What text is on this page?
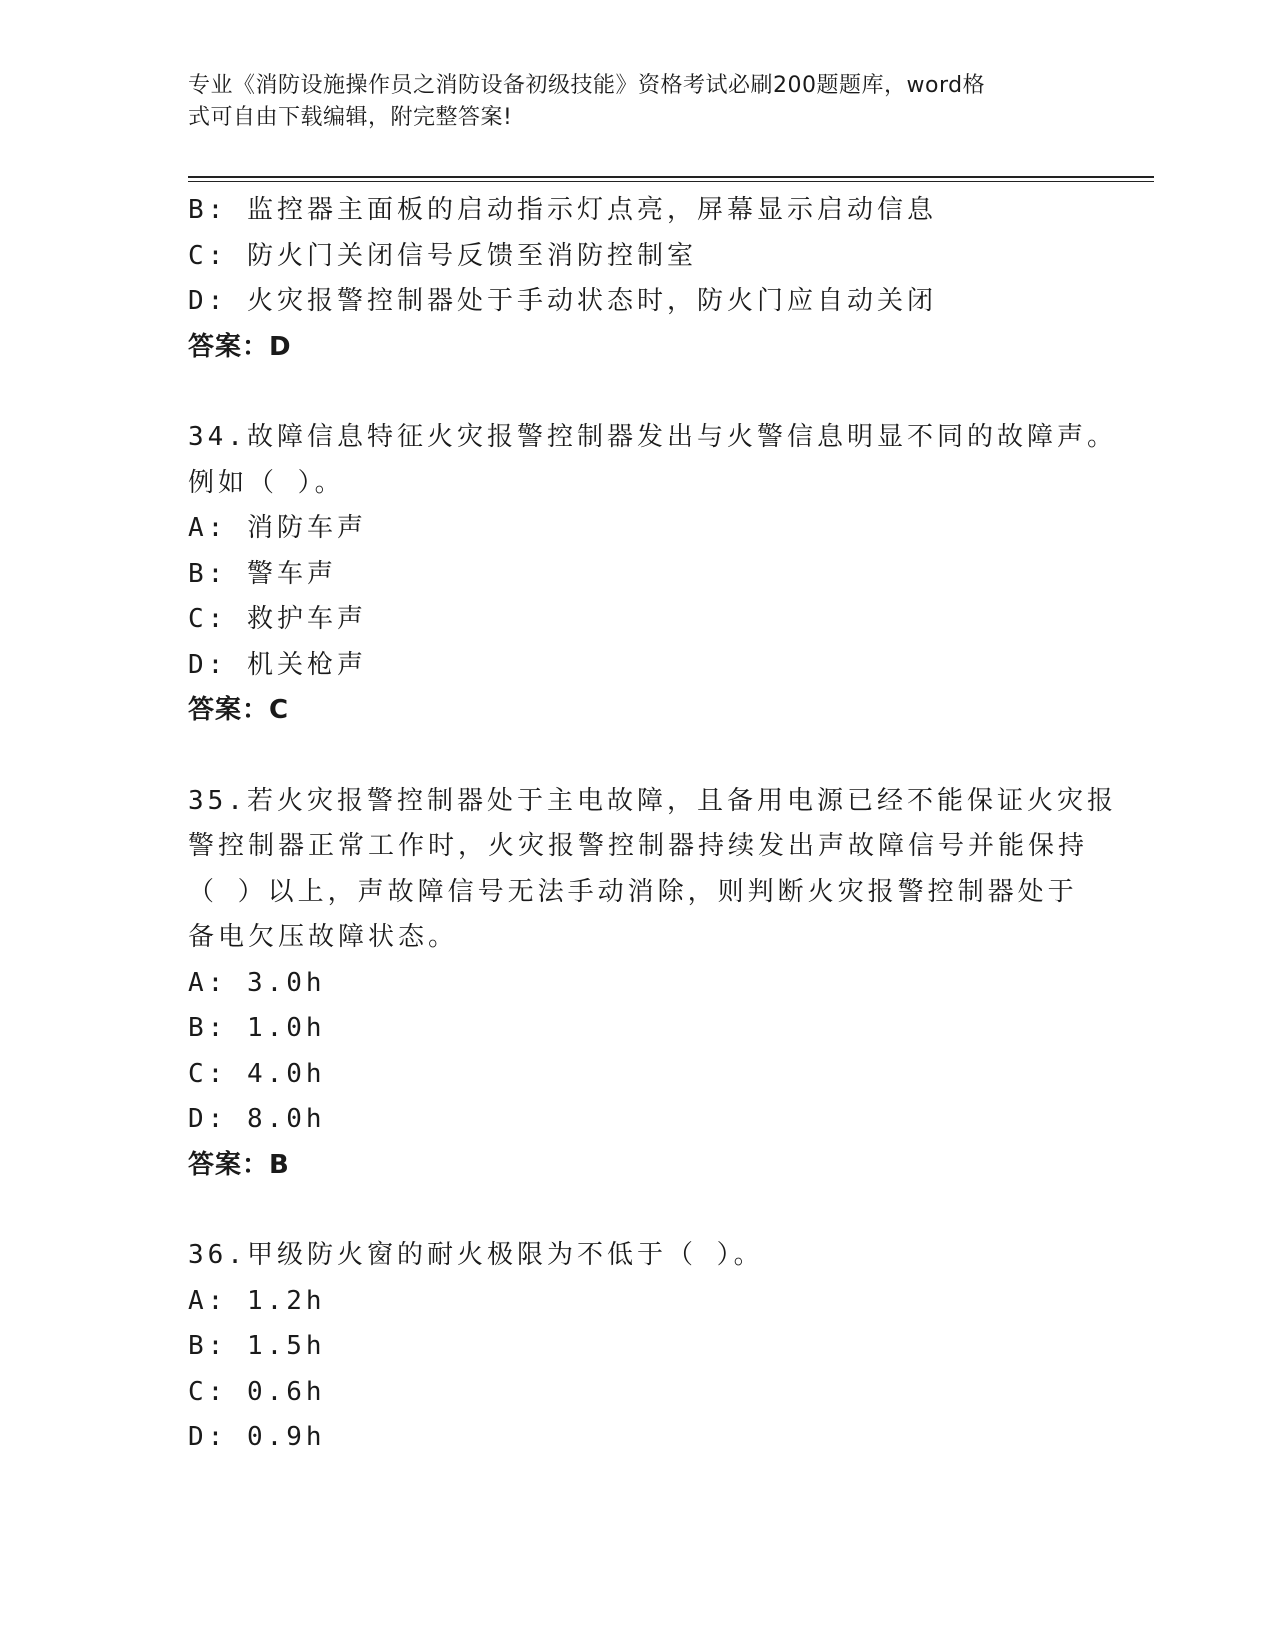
专业《消防设施操作员之消防设备初级技能》资格考试必刷200题题库，word格
式可自由下载编辑，附完整答案!
B: 监控器主面板的启动指示灯点亮，屏幕显示启动信息
C: 防火门关闭信号反馈至消防控制室
D: 火灾报警控制器处于手动状态时，防火门应自动关闭
答案：D
34.故障信息特征火灾报警控制器发出与火警信息明显不同的故障声。
例如（ ）。
A: 消防车声
B: 警车声
C: 救护车声
D: 机关枪声
答案：C
35.若火灾报警控制器处于主电故障，且备用电源已经不能保证火灾报
警控制器正常工作时，火灾报警控制器持续发出声故障信号并能保持
（ ）以上，声故障信号无法手动消除，则判断火灾报警控制器处于
备电欠压故障状态。
A: 3.0h
B: 1.0h
C: 4.0h
D: 8.0h
答案：B
36.甲级防火窗的耐火极限为不低于（ ）。
A: 1.2h
B: 1.5h
C: 0.6h
D: 0.9h
